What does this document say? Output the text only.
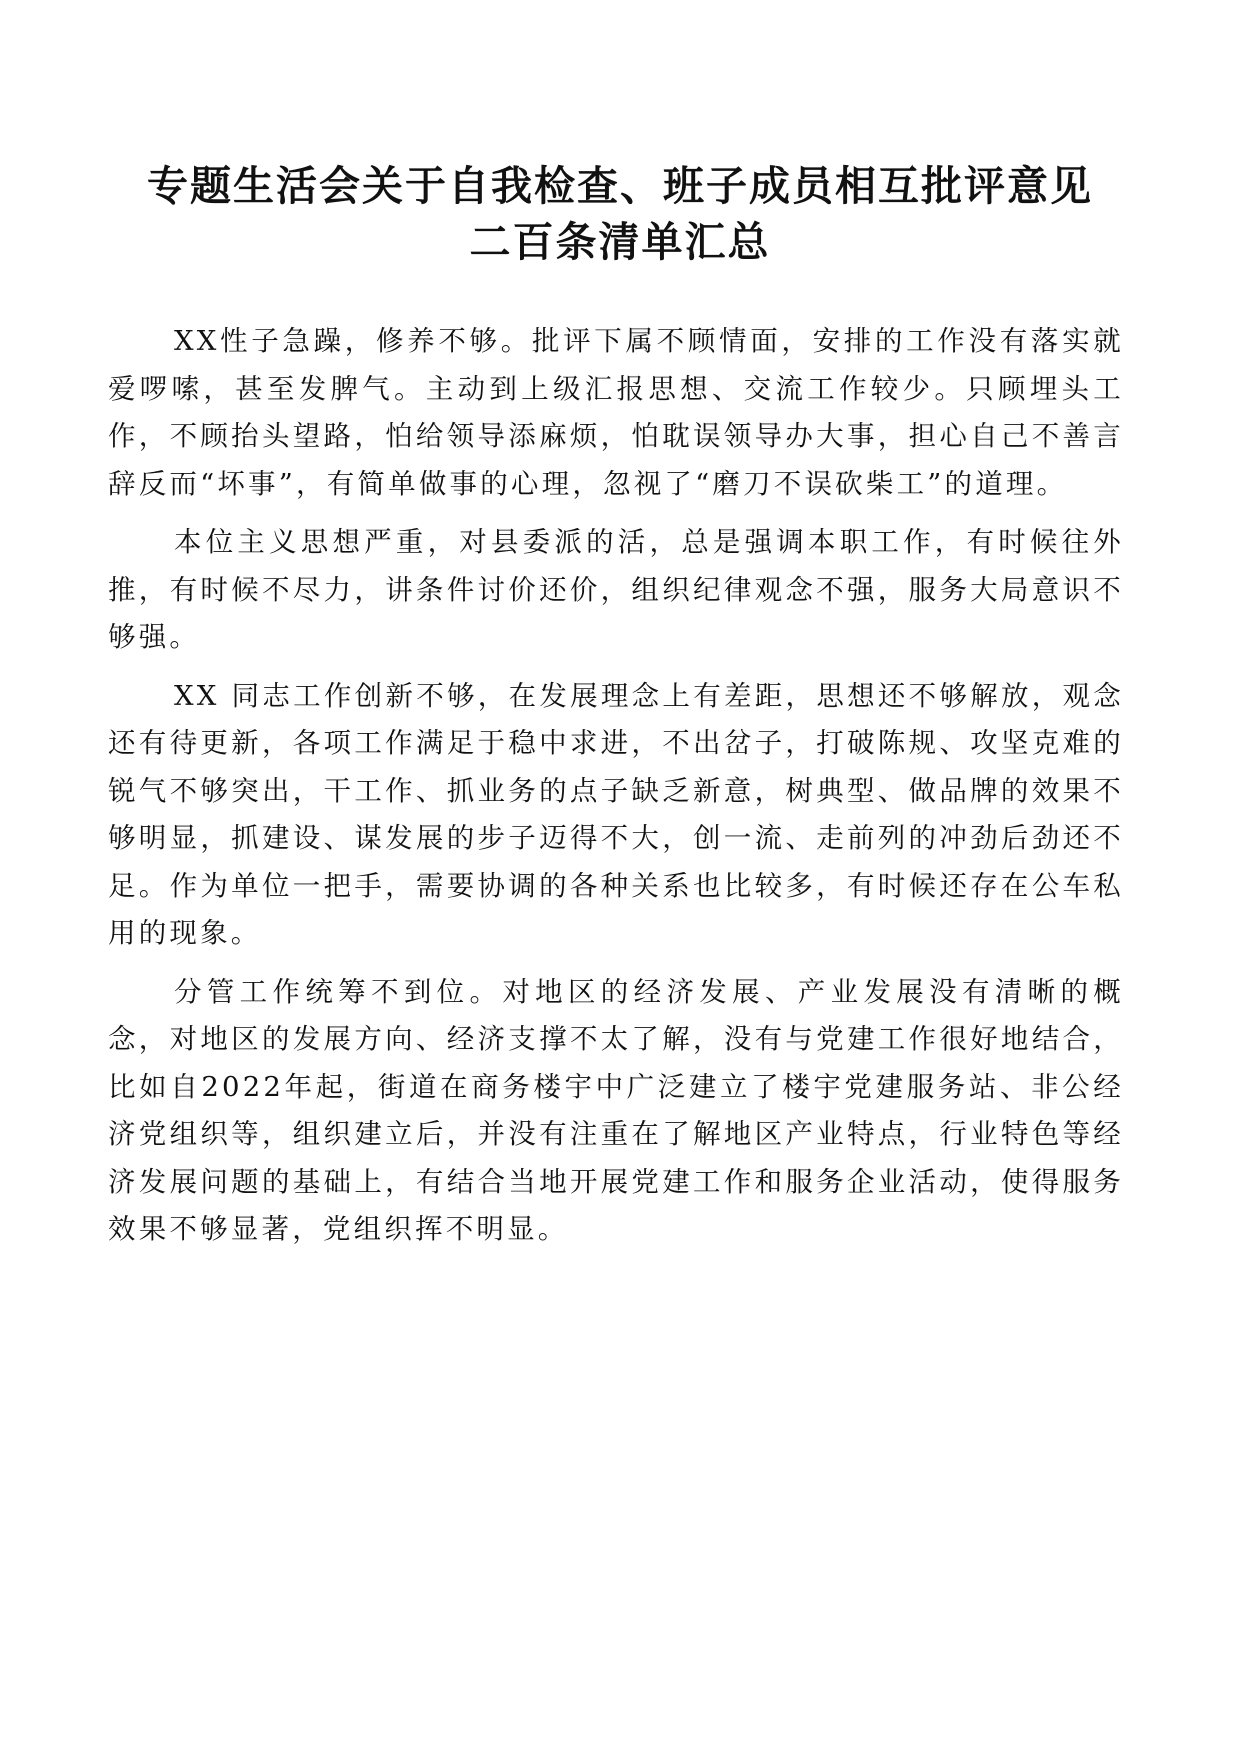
专题生活会关于自我检查、班子成员相互批评意见
二百条清单汇总

XX性子急躁，修养不够。批评下属不顾情面，安排的工作没有落实就爱啰嗦，甚至发脾气。主动到上级汇报思想、交流工作较少。只顾埋头工作，不顾抬头望路，怕给领导添麻烦，怕耽误领导办大事，担心自己不善言辞反而“坏事”，有简单做事的心理，忽视了“磨刀不误砍柴工”的道理。

本位主义思想严重，对县委派的活，总是强调本职工作，有时候往外推，有时候不尽力，讲条件讨价还价，组织纪律观念不强，服务大局意识不够强。

XX 同志工作创新不够，在发展理念上有差距，思想还不够解放，观念还有待更新，各项工作满足于稳中求进，不出岔子，打破陈规、攻坚克难的锐气不够突出，干工作、抓业务的点子缺乏新意，树典型、做品牌的效果不够明显，抓建设、谋发展的步子迈得不大，创一流、走前列的冲劲后劲还不足。作为单位一把手，需要协调的各种关系也比较多，有时候还存在公车私用的现象。

分管工作统筹不到位。对地区的经济发展、产业发展没有清晰的概念，对地区的发展方向、经济支撑不太了解，没有与党建工作很好地结合，比如自2022年起，街道在商务楼宇中广泛建立了楼宇党建服务站、非公经济党组织等，组织建立后，并没有注重在了解地区产业特点，行业特色等经济发展问题的基础上，有结合当地开展党建工作和服务企业活动，使得服务效果不够显著，党组织挥不明显。
